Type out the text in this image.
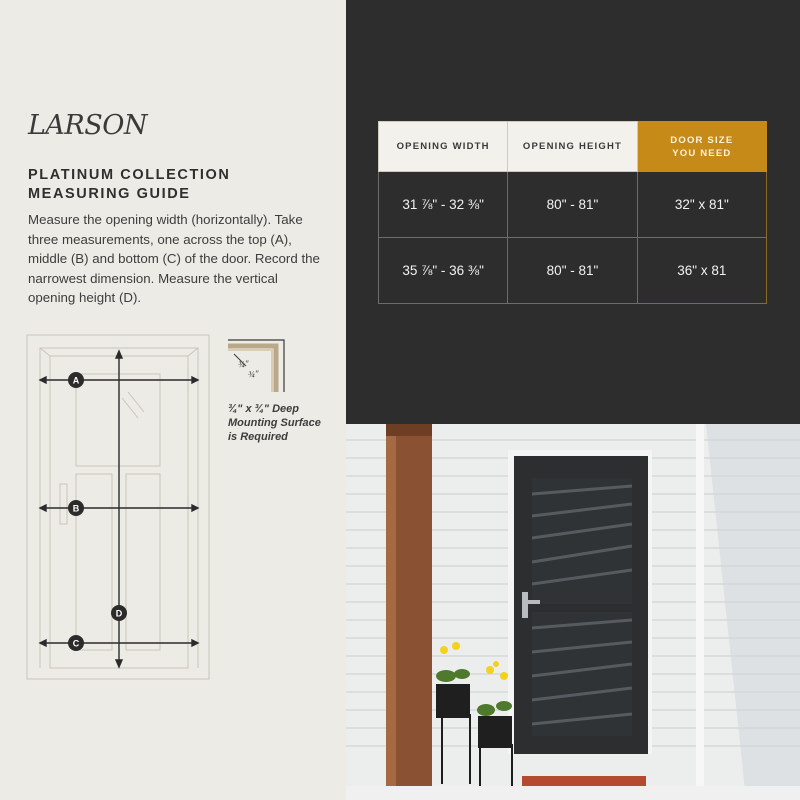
LARSON
PLATINUM COLLECTION
MEASURING GUIDE
Measure the opening width (horizontally). Take three measurements, one across the top (A), middle (B) and bottom (C) of the door. Record the narrowest dimension. Measure the vertical opening height (D).
A
B
C
D
¾"
¾"
¾" x ¾" Deep
Mounting Surface
is Required
OPENING WIDTH	OPENING HEIGHT	DOOR SIZE
YOU NEED

31 ⅞" - 32 ⅜"	80" - 81"	32" x 81"
35 ⅞" - 36 ⅜"	80" - 81"	36" x 81
